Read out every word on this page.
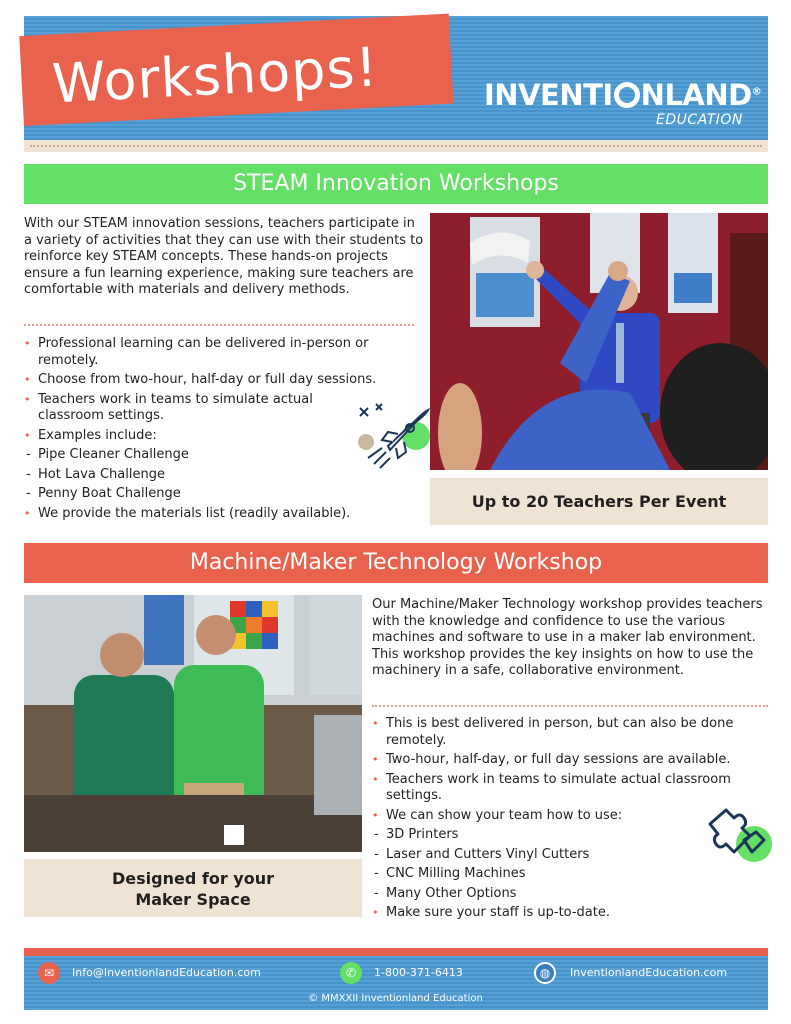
Workshops!	INVENTI NLAND®
EDUCATION
STEAM Innovation Workshops
With our STEAM innovation sessions, teachers participate in a variety of activities that they can use with their students to reinforce key STEAM concepts. These hands-on projects ensure a fun learning experience, making sure teachers are comfortable with materials and delivery methods.
• Professional learning can be delivered in-person or remotely.
• Choose from two-hour, half-day or full day sessions.
• Teachers work in teams to simulate actual classroom settings.
• Examples include:
- Pipe Cleaner Challenge
- Hot Lava Challenge
- Penny Boat Challenge
• We provide the materials list (readily available).
Up to 20 Teachers Per Event
Machine/Maker Technology Workshop
Designed for your
Maker Space
Our Machine/Maker Technology workshop provides teachers with the knowledge and confidence to use the various machines and software to use in a maker lab environment. This workshop provides the key insights on how to use the machinery in a safe, collaborative environment.
• This is best delivered in person, but can also be done remotely.
• Two-hour, half-day, or full day sessions are available.
• Teachers work in teams to simulate actual classroom settings.
• We can show your team how to use:
- 3D Printers
- Laser and Cutters Vinyl Cutters
- CNC Milling Machines
- Many Other Options
• Make sure your staff is up-to-date.
✉	Info@InventionlandEducation.com	✆	1-800-371-6413	◍	InventionlandEducation.com
© MMXXII Inventionland Education
